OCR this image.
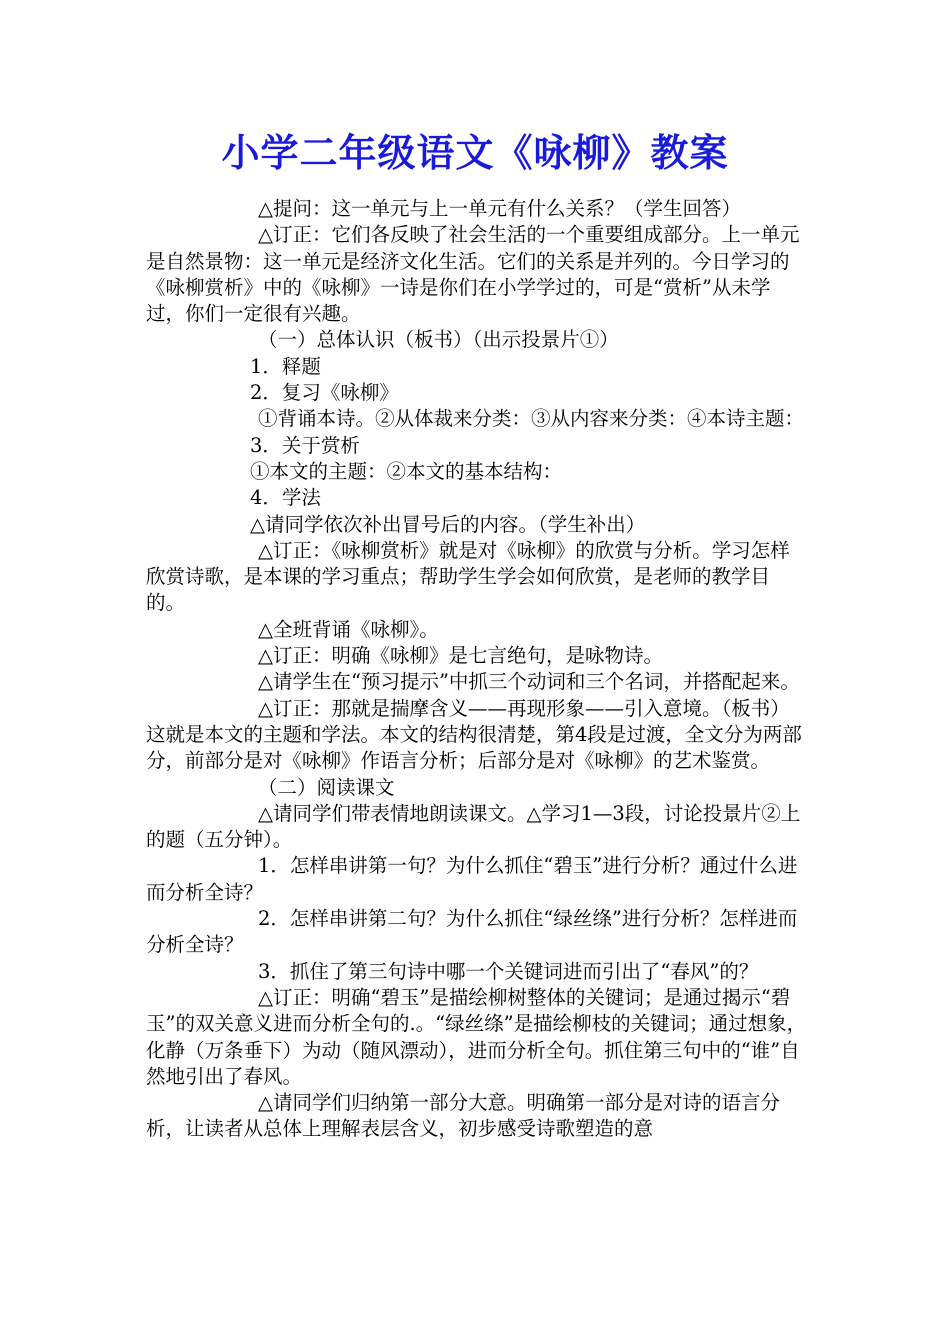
小学二年级语文《咏柳》教案

△提问：这一单元与上一单元有什么关系？（学生回答）

△订正：它们各反映了社会生活的一个重要组成部分。上一单元是自然景物：这一单元是经济文化生活。它们的关系是并列的。今日学习的《咏柳赏析》中的《咏柳》一诗是你们在小学学过的，可是“赏析”从未学过，你们一定很有兴趣。

（一）总体认识（板书）（出示投景片①）

1．释题

2．复习《咏柳》

①背诵本诗。②从体裁来分类：③从内容来分类：④本诗主题：

3．关于赏析

①本文的主题：②本文的基本结构：

4．学法

△请同学依次补出冒号后的内容。（学生补出）

△订正：《咏柳赏析》就是对《咏柳》的欣赏与分析。学习怎样欣赏诗歌，是本课的学习重点；帮助学生学会如何欣赏，是老师的教学目的。

△全班背诵《咏柳》。

△订正：明确《咏柳》是七言绝句，是咏物诗。

△请学生在“预习提示”中抓三个动词和三个名词，并搭配起来。

△订正：那就是揣摩含义——再现形象——引入意境。（板书）这就是本文的主题和学法。本文的结构很清楚，第4段是过渡，全文分为两部分，前部分是对《咏柳》作语言分析；后部分是对《咏柳》的艺术鉴赏。

（二）阅读课文

△请同学们带表情地朗读课文。△学习1—3段，讨论投景片②上的题（五分钟）。

1．怎样串讲第一句？为什么抓住“碧玉”进行分析？通过什么进而分析全诗？

2．怎样串讲第二句？为什么抓住“绿丝绦”进行分析？怎样进而分析全诗？

3．抓住了第三句诗中哪一个关键词进而引出了“春风”的？

△订正：明确“碧玉”是描绘柳树整体的关键词；是通过揭示“碧玉”的双关意义进而分析全句的.。“绿丝绦”是描绘柳枝的关键词；通过想象，化静（万条垂下）为动（随风漂动），进而分析全句。抓住第三句中的“谁”自然地引出了春风。

△请同学们归纳第一部分大意。明确第一部分是对诗的语言分析，让读者从总体上理解表层含义，初步感受诗歌塑造的意
